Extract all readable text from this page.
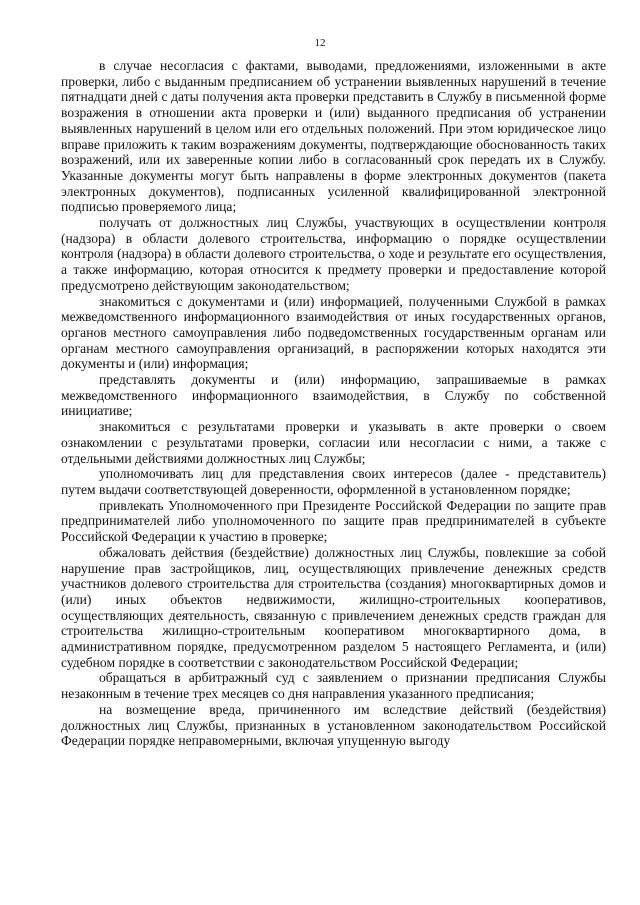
12

в случае несогласия с фактами, выводами, предложениями, изложенными в акте проверки, либо с выданным предписанием об устранении выявленных нарушений в течение пятнадцати дней с даты получения акта проверки представить в Службу в письменной форме возражения в отношении акта проверки и (или) выданного предписания об устранении выявленных нарушений в целом или его отдельных положений. При этом юридическое лицо вправе приложить к таким возражениям документы, подтверждающие обоснованность таких возражений, или их заверенные копии либо в согласованный срок передать их в Службу. Указанные документы могут быть направлены в форме электронных документов (пакета электронных документов), подписанных усиленной квалифицированной электронной подписью проверяемого лица;

получать от должностных лиц Службы, участвующих в осуществлении контроля (надзора) в области долевого строительства, информацию о порядке осуществлении контроля (надзора) в области долевого строительства, о ходе и результате его осуществления, а также информацию, которая относится к предмету проверки и предоставление которой предусмотрено действующим законодательством;

знакомиться с документами и (или) информацией, полученными Службой в рамках межведомственного информационного взаимодействия от иных государственных органов, органов местного самоуправления либо подведомственных государственным органам или органам местного самоуправления организаций, в распоряжении которых находятся эти документы и (или) информация;

представлять документы и (или) информацию, запрашиваемые в рамках межведомственного информационного взаимодействия, в Службу по собственной инициативе;

знакомиться с результатами проверки и указывать в акте проверки о своем ознакомлении с результатами проверки, согласии или несогласии с ними, а также с отдельными действиями должностных лиц Службы;

уполномочивать лиц для представления своих интересов (далее - представитель) путем выдачи соответствующей доверенности, оформленной в установленном порядке;

привлекать Уполномоченного при Президенте Российской Федерации по защите прав предпринимателей либо уполномоченного по защите прав предпринимателей в субъекте Российской Федерации к участию в проверке;

обжаловать действия (бездействие) должностных лиц Службы, повлекшие за собой нарушение прав застройщиков, лиц, осуществляющих привлечение денежных средств участников долевого строительства для строительства (создания) многоквартирных домов и (или) иных объектов недвижимости, жилищно-строительных кооперативов, осуществляющих деятельность, связанную с привлечением денежных средств граждан для строительства жилищно-строительным кооперативом многоквартирного дома, в административном порядке, предусмотренном разделом 5 настоящего Регламента, и (или) судебном порядке в соответствии с законодательством Российской Федерации;

обращаться в арбитражный суд с заявлением о признании предписания Службы незаконным в течение трех месяцев со дня направления указанного предписания;

на возмещение вреда, причиненного им вследствие действий (бездействия) должностных лиц Службы, признанных в установленном законодательством Российской Федерации порядке неправомерными, включая упущенную выгоду
